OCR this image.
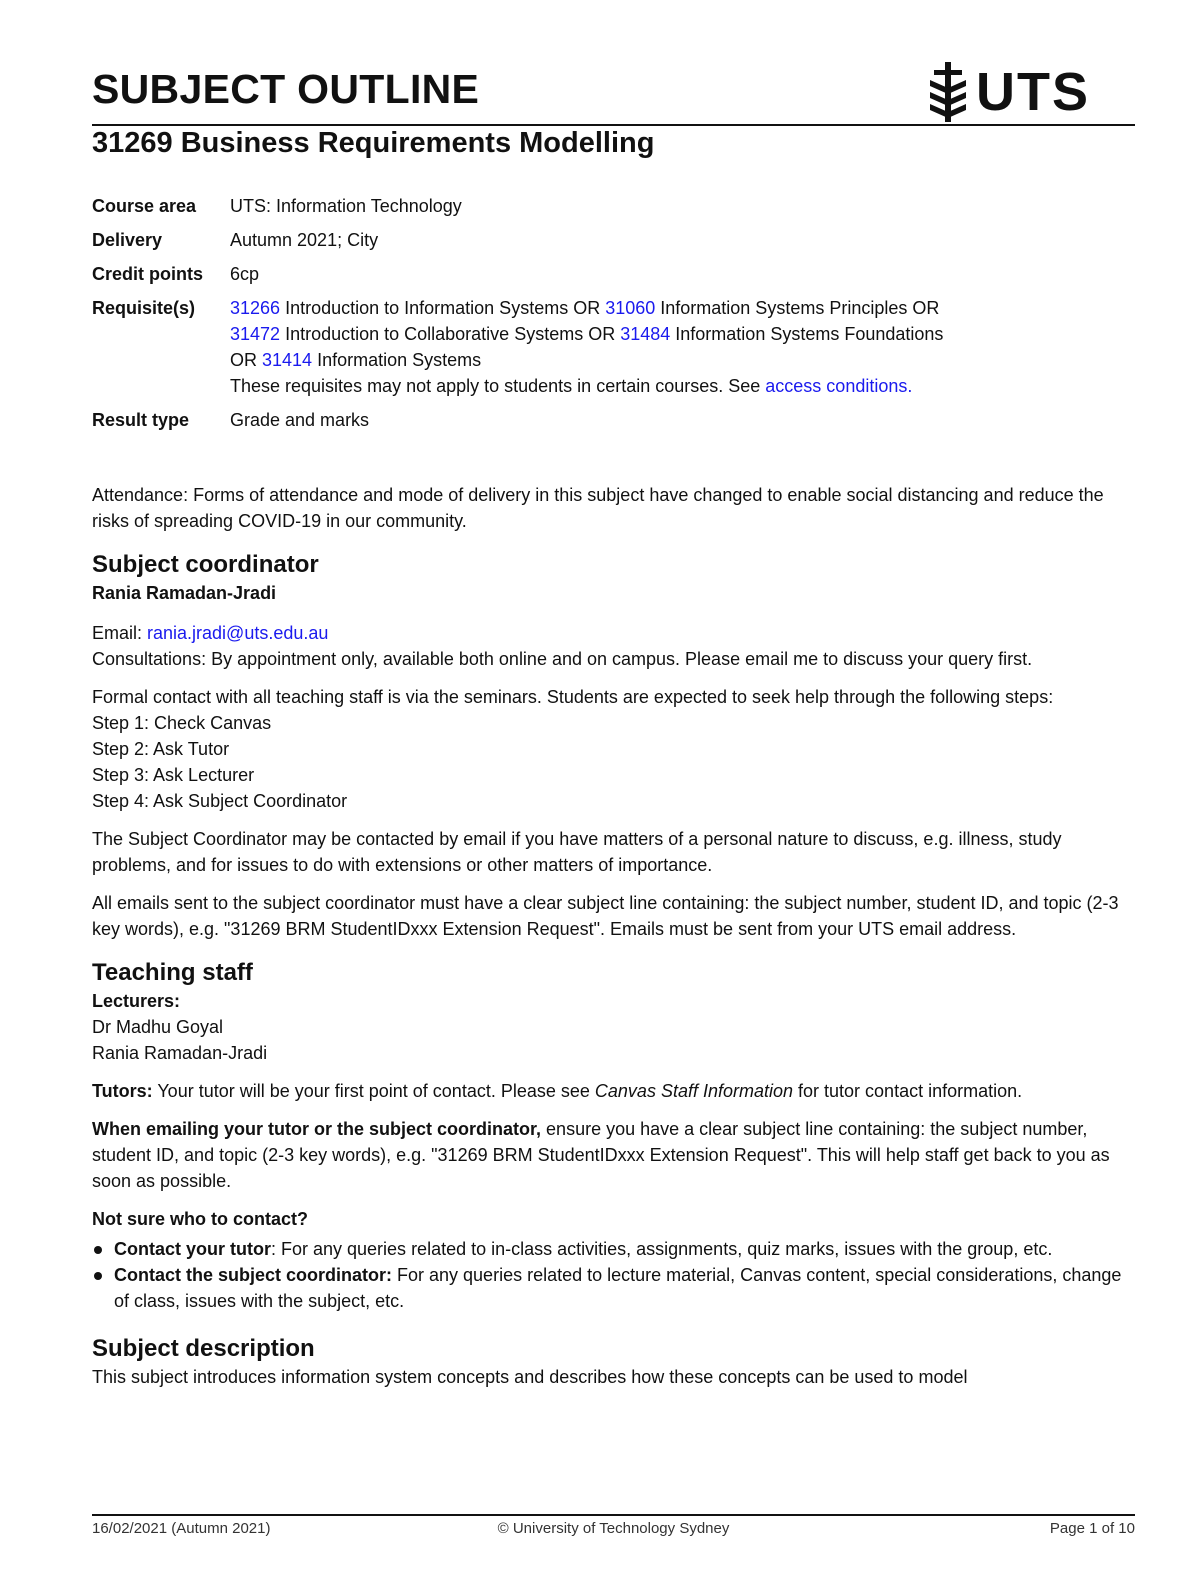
SUBJECT OUTLINE	UTS
31269 Business Requirements Modelling
Course area	UTS: Information Technology
Delivery	Autumn 2021; City
Credit points	6cp
Requisite(s)	31266 Introduction to Information Systems OR 31060 Information Systems Principles OR 31472 Introduction to Collaborative Systems OR 31484 Information Systems Foundations OR 31414 Information Systems
These requisites may not apply to students in certain courses. See access conditions.
Result type	Grade and marks

Attendance: Forms of attendance and mode of delivery in this subject have changed to enable social distancing and reduce the risks of spreading COVID-19 in our community.

Subject coordinator
Rania Ramadan-Jradi
Email: rania.jradi@uts.edu.au

Consultations: By appointment only, available both online and on campus. Please email me to discuss your query first.

Formal contact with all teaching staff is via the seminars. Students are expected to seek help through the following steps:
Step 1: Check Canvas
Step 2: Ask Tutor
Step 3: Ask Lecturer
Step 4: Ask Subject Coordinator

The Subject Coordinator may be contacted by email if you have matters of a personal nature to discuss, e.g. illness, study problems, and for issues to do with extensions or other matters of importance.

All emails sent to the subject coordinator must have a clear subject line containing: the subject number, student ID, and topic (2-3 key words), e.g. "31269 BRM StudentIDxxx Extension Request". Emails must be sent from your UTS email address.

Teaching staff
Lecturers:
Dr Madhu Goyal
Rania Ramadan-Jradi

Tutors: Your tutor will be your first point of contact. Please see Canvas Staff Information for tutor contact information.

When emailing your tutor or the subject coordinator, ensure you have a clear subject line containing: the subject number, student ID, and topic (2-3 key words), e.g. "31269 BRM StudentIDxxx Extension Request". This will help staff get back to you as soon as possible.

Not sure who to contact?
Contact your tutor: For any queries related to in-class activities, assignments, quiz marks, issues with the group, etc.
Contact the subject coordinator: For any queries related to lecture material, Canvas content, special considerations, change of class, issues with the subject, etc.
Subject description
This subject introduces information system concepts and describes how these concepts can be used to model
16/02/2021 (Autumn 2021)	© University of Technology Sydney	Page 1 of 10
